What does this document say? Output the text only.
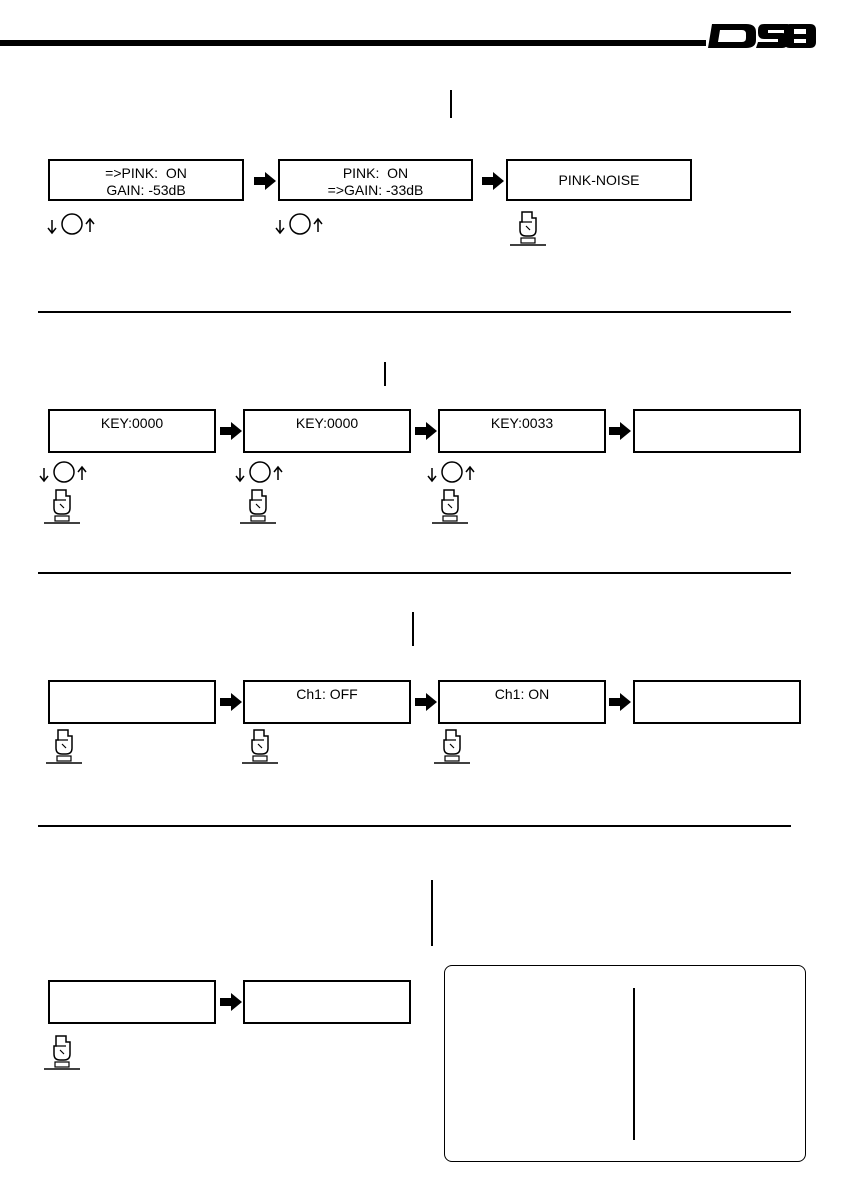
®
=>PINK:  ON
GAIN: -53dB
PINK:  ON
=>GAIN: -33dB
PINK-NOISE
KEY:0000	KEY:0000	KEY:0033
Ch1: OFF	Ch1: ON
